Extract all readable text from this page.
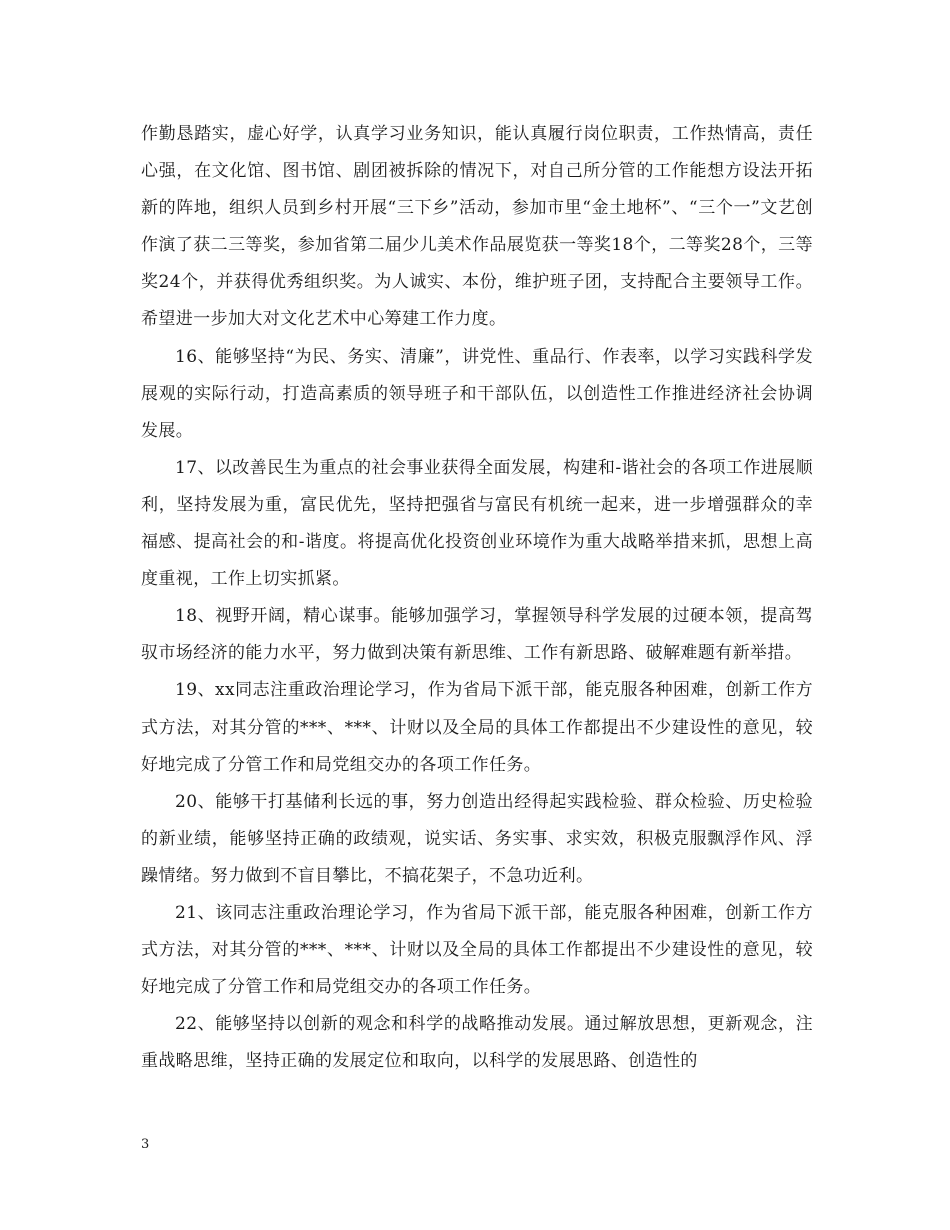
作勤恳踏实，虚心好学，认真学习业务知识，能认真履行岗位职责，工作热情高，责任心强，在文化馆、图书馆、剧团被拆除的情况下，对自己所分管的工作能想方设法开拓新的阵地，组织人员到乡村开展“三下乡”活动，参加市里“金土地杯”、“三个一”文艺创作演了获二三等奖，参加省第二届少儿美术作品展览获一等奖18个，二等奖28个，三等奖24个，并获得优秀组织奖。为人诚实、本份，维护班子团，支持配合主要领导工作。希望进一步加大对文化艺术中心筹建工作力度。

16、能够坚持“为民、务实、清廉”，讲党性、重品行、作表率，以学习实践科学发展观的实际行动，打造高素质的领导班子和干部队伍，以创造性工作推进经济社会协调发展。

17、以改善民生为重点的社会事业获得全面发展，构建和-谐社会的各项工作进展顺利，坚持发展为重，富民优先，坚持把强省与富民有机统一起来，进一步增强群众的幸福感、提高社会的和-谐度。将提高优化投资创业环境作为重大战略举措来抓，思想上高度重视，工作上切实抓紧。

18、视野开阔，精心谋事。能够加强学习，掌握领导科学发展的过硬本领，提高驾驭市场经济的能力水平，努力做到决策有新思维、工作有新思路、破解难题有新举措。

19、xx同志注重政治理论学习，作为省局下派干部，能克服各种困难，创新工作方式方法，对其分管的***、***、计财以及全局的具体工作都提出不少建设性的意见，较好地完成了分管工作和局党组交办的各项工作任务。

20、能够干打基储利长远的事，努力创造出经得起实践检验、群众检验、历史检验的新业绩，能够坚持正确的政绩观，说实话、务实事、求实效，积极克服飘浮作风、浮躁情绪。努力做到不盲目攀比，不搞花架子，不急功近利。

21、该同志注重政治理论学习，作为省局下派干部，能克服各种困难，创新工作方式方法，对其分管的***、***、计财以及全局的具体工作都提出不少建设性的意见，较好地完成了分管工作和局党组交办的各项工作任务。

22、能够坚持以创新的观念和科学的战略推动发展。通过解放思想，更新观念，注重战略思维，坚持正确的发展定位和取向，以科学的发展思路、创造性的

3
